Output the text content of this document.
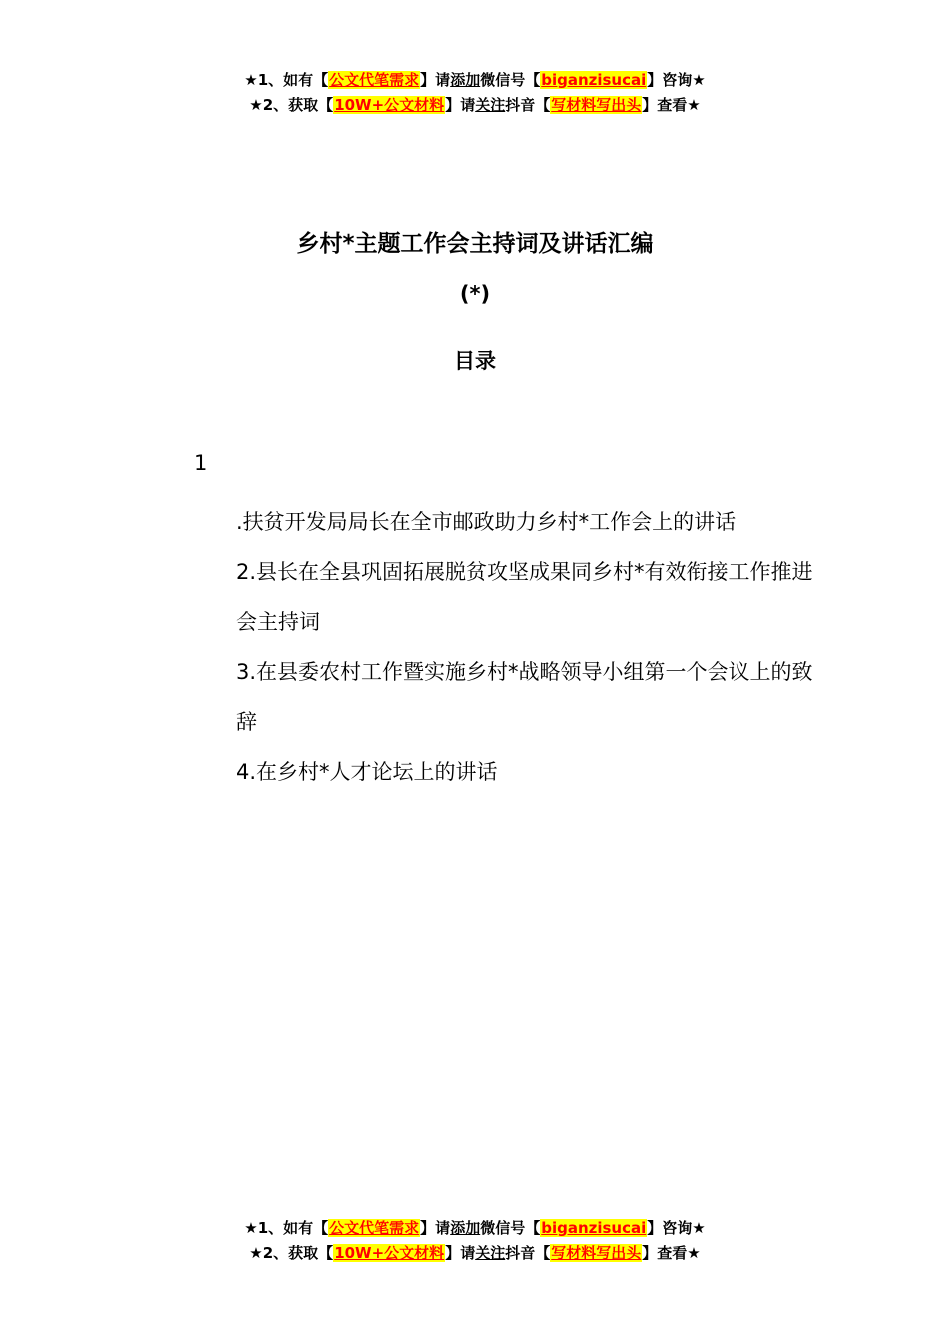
★1、如有【公文代笔需求】请添加微信号【biganzisucai】咨询★
★2、获取【10W+公文材料】请关注抖音【写材料写出头】查看★
乡村*主题工作会主持词及讲话汇编
(*)
目录
1

.扶贫开发局局长在全市邮政助力乡村*工作会上的讲话

2.县长在全县巩固拓展脱贫攻坚成果同乡村*有效衔接工作推进会主持词

3.在县委农村工作暨实施乡村*战略领导小组第一个会议上的致辞

4.在乡村*人才论坛上的讲话

★1、如有【公文代笔需求】请添加微信号【biganzisucai】咨询★
★2、获取【10W+公文材料】请关注抖音【写材料写出头】查看★
